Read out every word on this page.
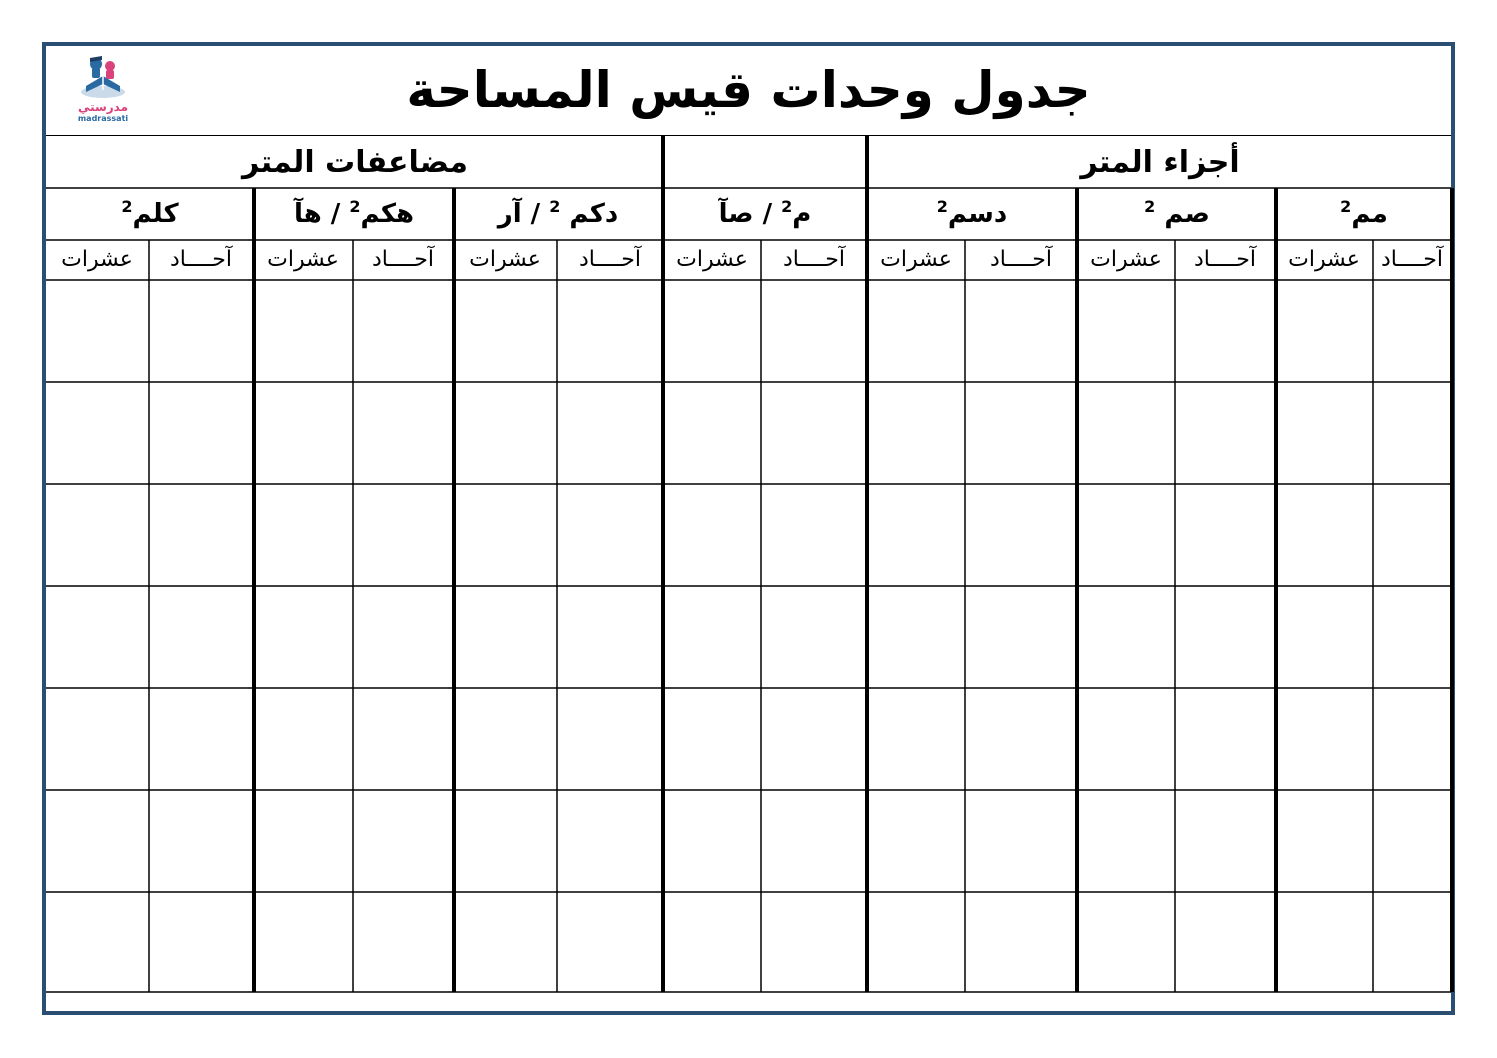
جدول وحدات قيس المساحة
مدرستي
madrassati
مضاعفات المتر	أجزاء المتر
كلم$^2$	هكم$^2$ / هآ	دكم $^2$ / آر	م$^2$ / صآ	دسم$^2$	صم $^2$	مم$^2$
عشرات آحــــاد عشرات آحــــاد عشرات آحــــاد عشرات آحــــاد عشرات آحــــاد عشرات آحــــاد عشرات آحــــاد
